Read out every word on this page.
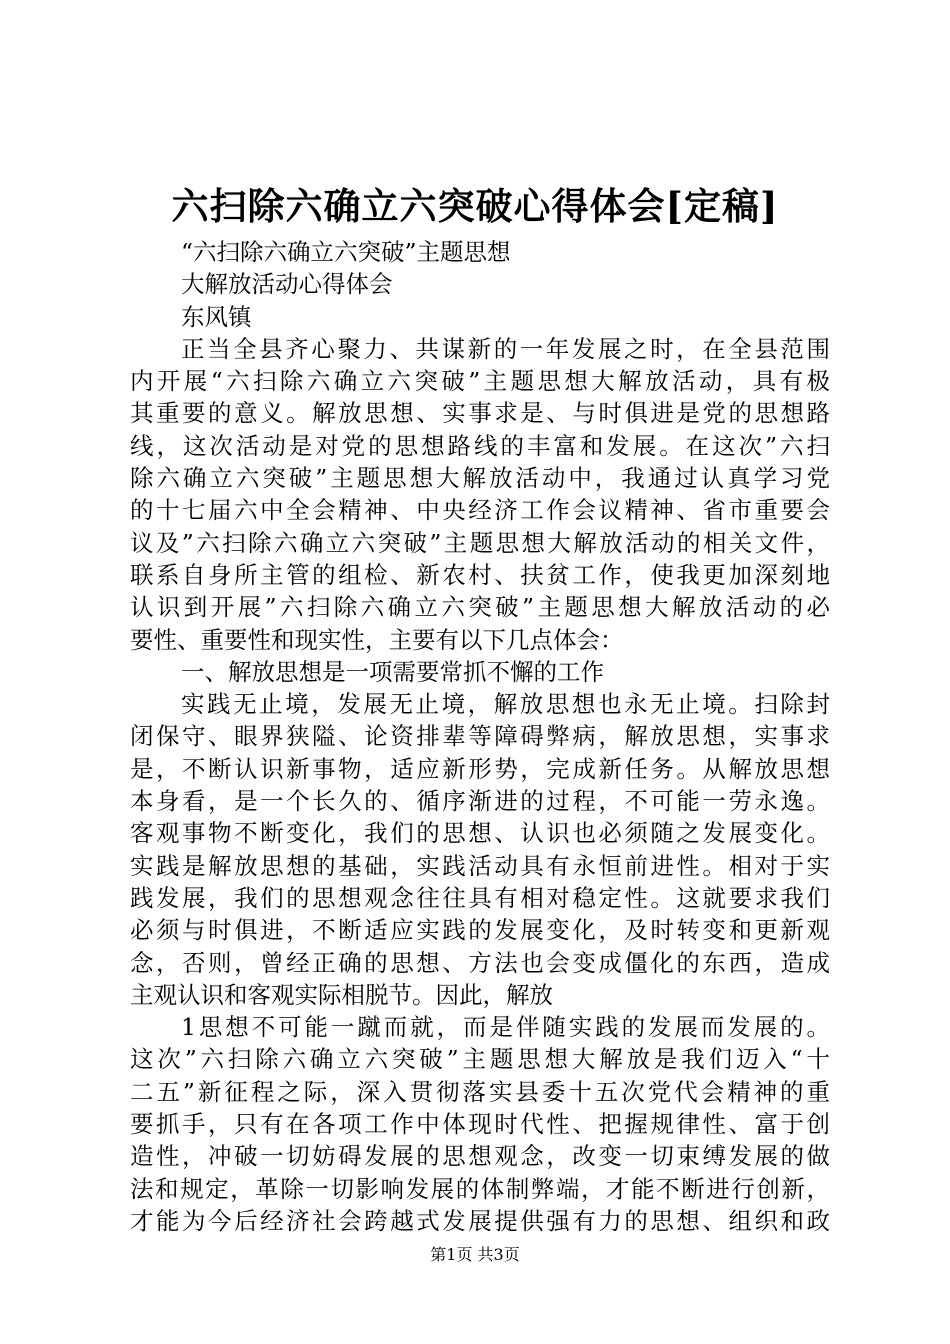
六扫除六确立六突破心得体会[定稿]
“六扫除六确立六突破”主题思想
大解放活动心得体会
东风镇
正当全县齐心聚力、共谋新的一年发展之时，在全县范围
内开展“六扫除六确立六突破”主题思想大解放活动，具有极
其重要的意义。解放思想、实事求是、与时俱进是党的思想路
线，这次活动是对党的思想路线的丰富和发展。在这次”六扫
除六确立六突破”主题思想大解放活动中，我通过认真学习党
的十七届六中全会精神、中央经济工作会议精神、省市重要会
议及”六扫除六确立六突破”主题思想大解放活动的相关文件，
联系自身所主管的组检、新农村、扶贫工作，使我更加深刻地
认识到开展”六扫除六确立六突破”主题思想大解放活动的必
要性、重要性和现实性，主要有以下几点体会：
一、解放思想是一项需要常抓不懈的工作
实践无止境，发展无止境，解放思想也永无止境。扫除封
闭保守、眼界狭隘、论资排辈等障碍弊病，解放思想，实事求
是，不断认识新事物，适应新形势，完成新任务。从解放思想
本身看，是一个长久的、循序渐进的过程，不可能一劳永逸。
客观事物不断变化，我们的思想、认识也必须随之发展变化。
实践是解放思想的基础，实践活动具有永恒前进性。相对于实
践发展，我们的思想观念往往具有相对稳定性。这就要求我们
必须与时俱进，不断适应实践的发展变化，及时转变和更新观
念，否则，曾经正确的思想、方法也会变成僵化的东西，造成
主观认识和客观实际相脱节。因此，解放
1思想不可能一蹴而就，而是伴随实践的发展而发展的。
这次”六扫除六确立六突破”主题思想大解放是我们迈入“十
二五”新征程之际，深入贯彻落实县委十五次党代会精神的重
要抓手，只有在各项工作中体现时代性、把握规律性、富于创
造性，冲破一切妨碍发展的思想观念，改变一切束缚发展的做
法和规定，革除一切影响发展的体制弊端，才能不断进行创新，
才能为今后经济社会跨越式发展提供强有力的思想、组织和政
第1页 共3页
